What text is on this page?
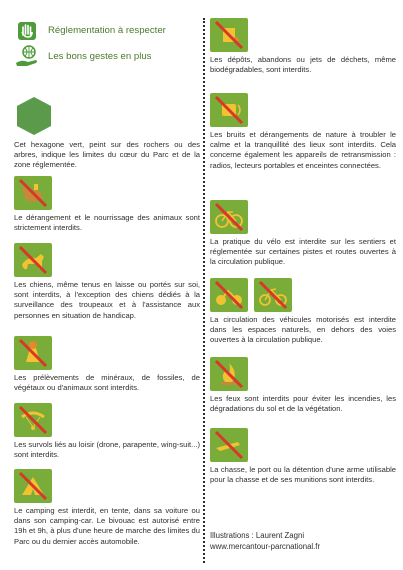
Réglementation à respecter
Les bons gestes en plus
Cet hexagone vert, peint sur des rochers ou des arbres, indique les limites du cœur du Parc et de la zone réglementée.
Le dérangement et le nourrissage des animaux sont strictement interdits.
Les chiens, même tenus en laisse ou portés sur soi, sont interdits, à l'exception des chiens dédiés à la surveillance des troupeaux et à l'assistance aux personnes en situation de handicap.
Les prélèvements de minéraux, de fossiles, de végétaux ou d'animaux sont interdits.
Les survols liés au loisir (drone, parapente, wing-suit...) sont interdits.
Le camping est interdit, en tente, dans sa voiture ou dans son camping-car. Le bivouac est autorisé entre 19h et 9h, à plus d'une heure de marche des limites du Parc ou du dernier accès automobile.
Les dépôts, abandons ou jets de déchets, même biodégradables, sont interdits.
Les bruits et dérangements de nature à troubler le calme et la tranquillité des lieux sont interdits. Cela concerne également les appareils de retransmission : radios, lecteurs portables et enceintes connectées.
La pratique du vélo est interdite sur les sentiers et réglementée sur certaines pistes et routes ouvertes à la circulation publique.
La circulation des véhicules motorisés est interdite dans les espaces naturels, en dehors des voies ouvertes à la circulation publique.
Les feux sont interdits pour éviter les incendies, les dégradations du sol et de la végétation.
La chasse, le port ou la détention d'une arme utilisable pour la chasse et de ses munitions sont interdits.
Illustrations : Laurent Zagni
www.mercantour-parcnational.fr
